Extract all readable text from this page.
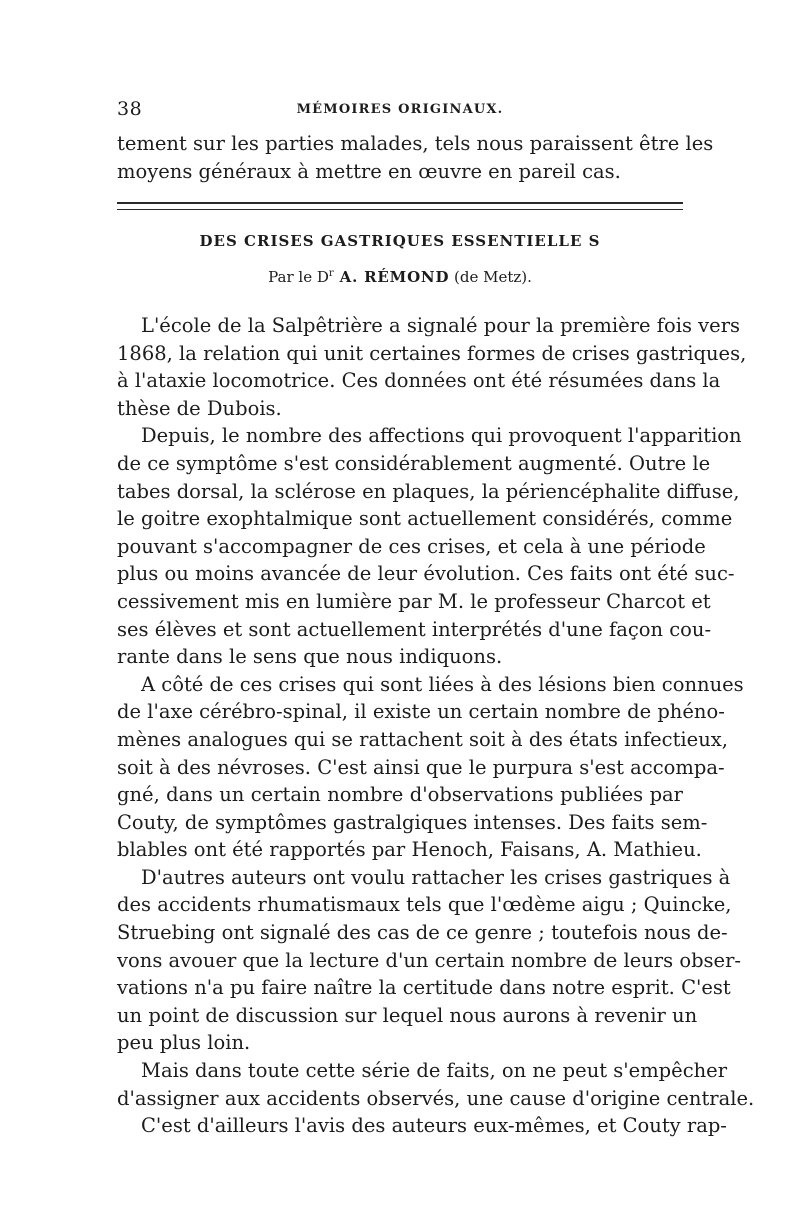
38	MÉMOIRES ORIGINAUX.
tement sur les parties malades, tels nous paraissent être les
moyens généraux à mettre en œuvre en pareil cas.
DES CRISES GASTRIQUES ESSENTIELLE S
Par le $D^r$ A. RÉMOND (de Metz).
L'école de la Salpêtrière a signalé pour la première fois vers
1868, la relation qui unit certaines formes de crises gastriques,
à l'ataxie locomotrice. Ces données ont été résumées dans la
thèse de Dubois.
Depuis, le nombre des affections qui provoquent l'apparition
de ce symptôme s'est considérablement augmenté. Outre le
tabes dorsal, la sclérose en plaques, la périencéphalite diffuse,
le goitre exophtalmique sont actuellement considérés, comme
pouvant s'accompagner de ces crises, et cela à une période
plus ou moins avancée de leur évolution. Ces faits ont été suc-
cessivement mis en lumière par M. le professeur Charcot et
ses élèves et sont actuellement interprétés d'une façon cou-
rante dans le sens que nous indiquons.
A côté de ces crises qui sont liées à des lésions bien connues
de l'axe cérébro-spinal, il existe un certain nombre de phéno-
mènes analogues qui se rattachent soit à des états infectieux,
soit à des névroses. C'est ainsi que le purpura s'est accompa-
gné, dans un certain nombre d'observations publiées par
Couty, de symptômes gastralgiques intenses. Des faits sem-
blables ont été rapportés par Henoch, Faisans, A. Mathieu.
D'autres auteurs ont voulu rattacher les crises gastriques à
des accidents rhumatismaux tels que l'œdème aigu ; Quincke,
Struebing ont signalé des cas de ce genre ; toutefois nous de-
vons avouer que la lecture d'un certain nombre de leurs obser-
vations n'a pu faire naître la certitude dans notre esprit. C'est
un point de discussion sur lequel nous aurons à revenir un
peu plus loin.
Mais dans toute cette série de faits, on ne peut s'empêcher
d'assigner aux accidents observés, une cause d'origine centrale.
C'est d'ailleurs l'avis des auteurs eux-mêmes, et Couty rap-
